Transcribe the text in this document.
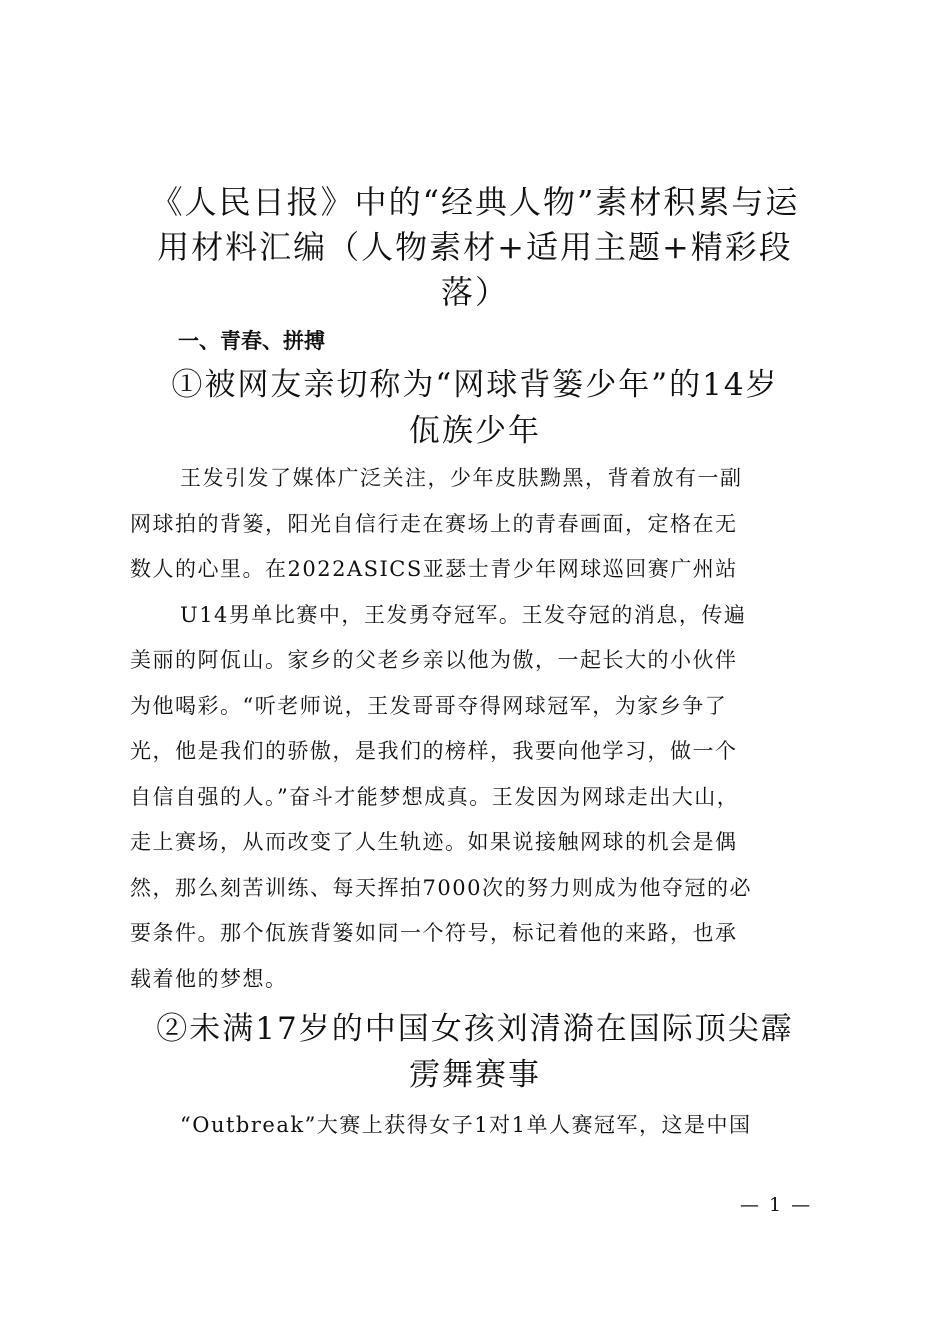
《人民日报》中的“经典人物”素材积累与运
用材料汇编（人物素材+适用主题+精彩段
落）
一、青春、拼搏
①被网友亲切称为“网球背篓少年”的14岁
佤族少年

王发引发了媒体广泛关注，少年皮肤黝黑，背着放有一副
网球拍的背篓，阳光自信行走在赛场上的青春画面，定格在无
数人的心里。在2022ASICS亚瑟士青少年网球巡回赛广州站
U14男单比赛中，王发勇夺冠军。王发夺冠的消息，传遍
美丽的阿佤山。家乡的父老乡亲以他为傲，一起长大的小伙伴
为他喝彩。“听老师说，王发哥哥夺得网球冠军，为家乡争了
光，他是我们的骄傲，是我们的榜样，我要向他学习，做一个
自信自强的人。”奋斗才能梦想成真。王发因为网球走出大山，
走上赛场，从而改变了人生轨迹。如果说接触网球的机会是偶
然，那么刻苦训练、每天挥拍7000次的努力则成为他夺冠的必
要条件。那个佤族背篓如同一个符号，标记着他的来路，也承
载着他的梦想。

②未满17岁的中国女孩刘清漪在国际顶尖霹
雳舞赛事

“Outbreak”大赛上获得女子1对1单人赛冠军，这是中国

— 1 —
